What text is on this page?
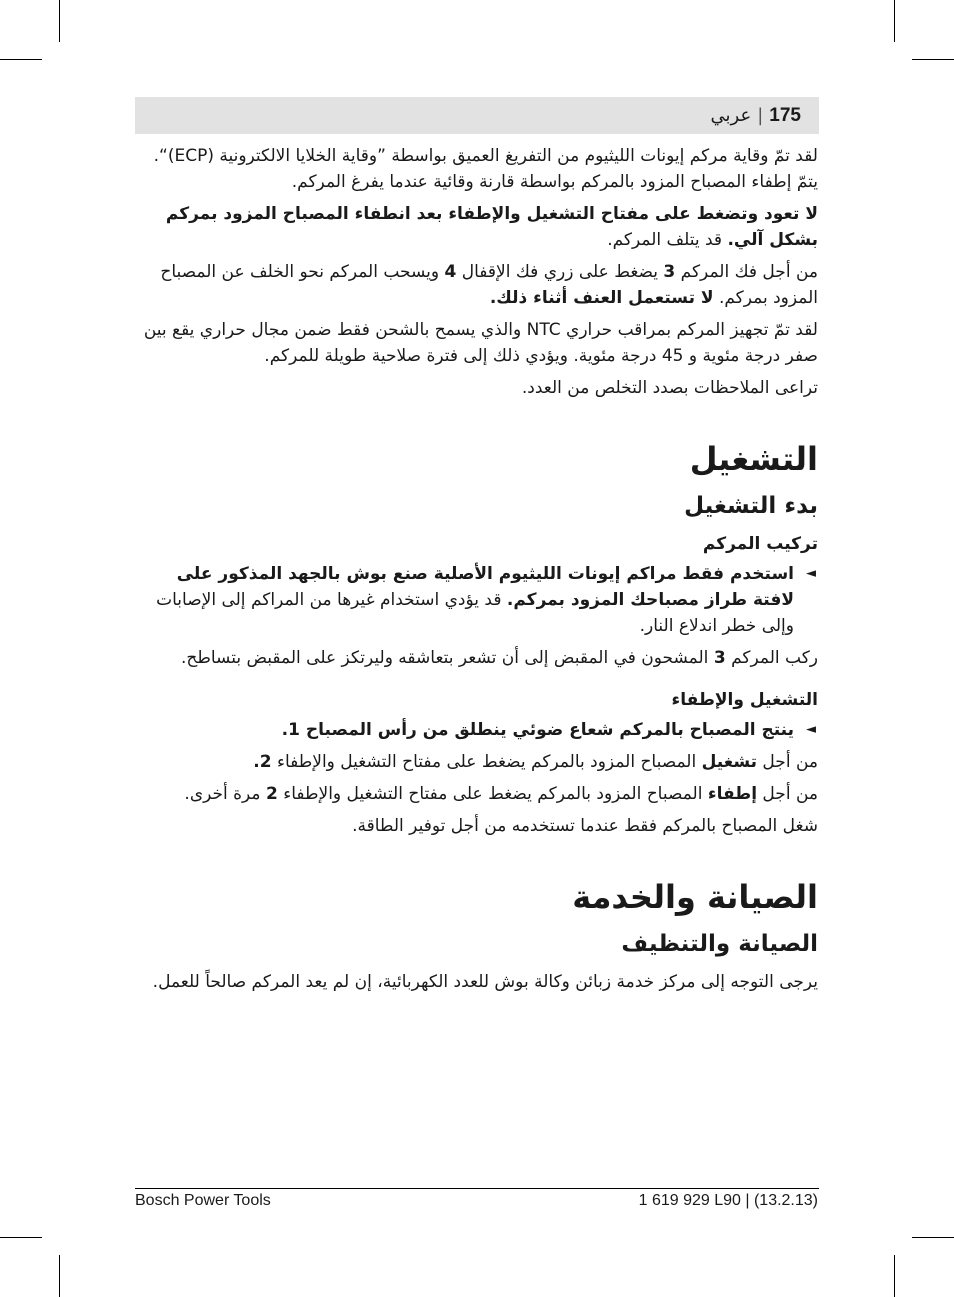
175
|
عربي

لقد تمّ وقاية مركم إيونات الليثيوم من التفريغ العميق بواسطة ”وقاية الخلايا الالكترونية (ECP)“. يتمّ إطفاء المصباح المزود بالمركم بواسطة قارنة وقائية عندما يفرغ المركم.

لا تعود وتضغط على مفتاح التشغيل والإطفاء بعد انطفاء المصباح المزود بمركم بشكل آلي. قد يتلف المركم.

من أجل فك المركم 3 يضغط على زري فك الإقفال 4 ويسحب المركم نحو الخلف عن المصباح المزود بمركم. لا تستعمل العنف أثناء ذلك.

لقد تمّ تجهيز المركم بمراقب حراري NTC والذي يسمح بالشحن فقط ضمن مجال حراري يقع بين صفر درجة مئوية و 45 درجة مئوية. ويؤدي ذلك إلى فترة صلاحية طويلة للمركم.

تراعى الملاحظات بصدد التخلص من العدد.

التشغيل
بدء التشغيل
تركيب المركم
◄
استخدم فقط مراكم إيونات الليثيوم الأصلية صنع بوش بالجهد المذكور على لافتة طراز مصباحك المزود بمركم. قد يؤدي استخدام غيرها من المراكم إلى الإصابات وإلى خطر اندلاع النار.

ركب المركم 3 المشحون في المقبض إلى أن تشعر بتعاشقه وليرتكز على المقبض بتساطح.

التشغيل والإطفاء
◄
ينتج المصباح بالمركم شعاع ضوئي ينطلق من رأس المصباح 1.

من أجل تشغيل المصباح المزود بالمركم يضغط على مفتاح التشغيل والإطفاء 2.

من أجل إطفاء المصباح المزود بالمركم يضغط على مفتاح التشغيل والإطفاء 2 مرة أخرى.

شغل المصباح بالمركم فقط عندما تستخدمه من أجل توفير الطاقة.

الصيانة والخدمة
الصيانة والتنظيف

يرجى التوجه إلى مركز خدمة زبائن وكالة بوش للعدد الكهربائية، إن لم يعد المركم صالحاً للعمل.

Bosch Power Tools	1 619 929 L90 | (13.2.13)
